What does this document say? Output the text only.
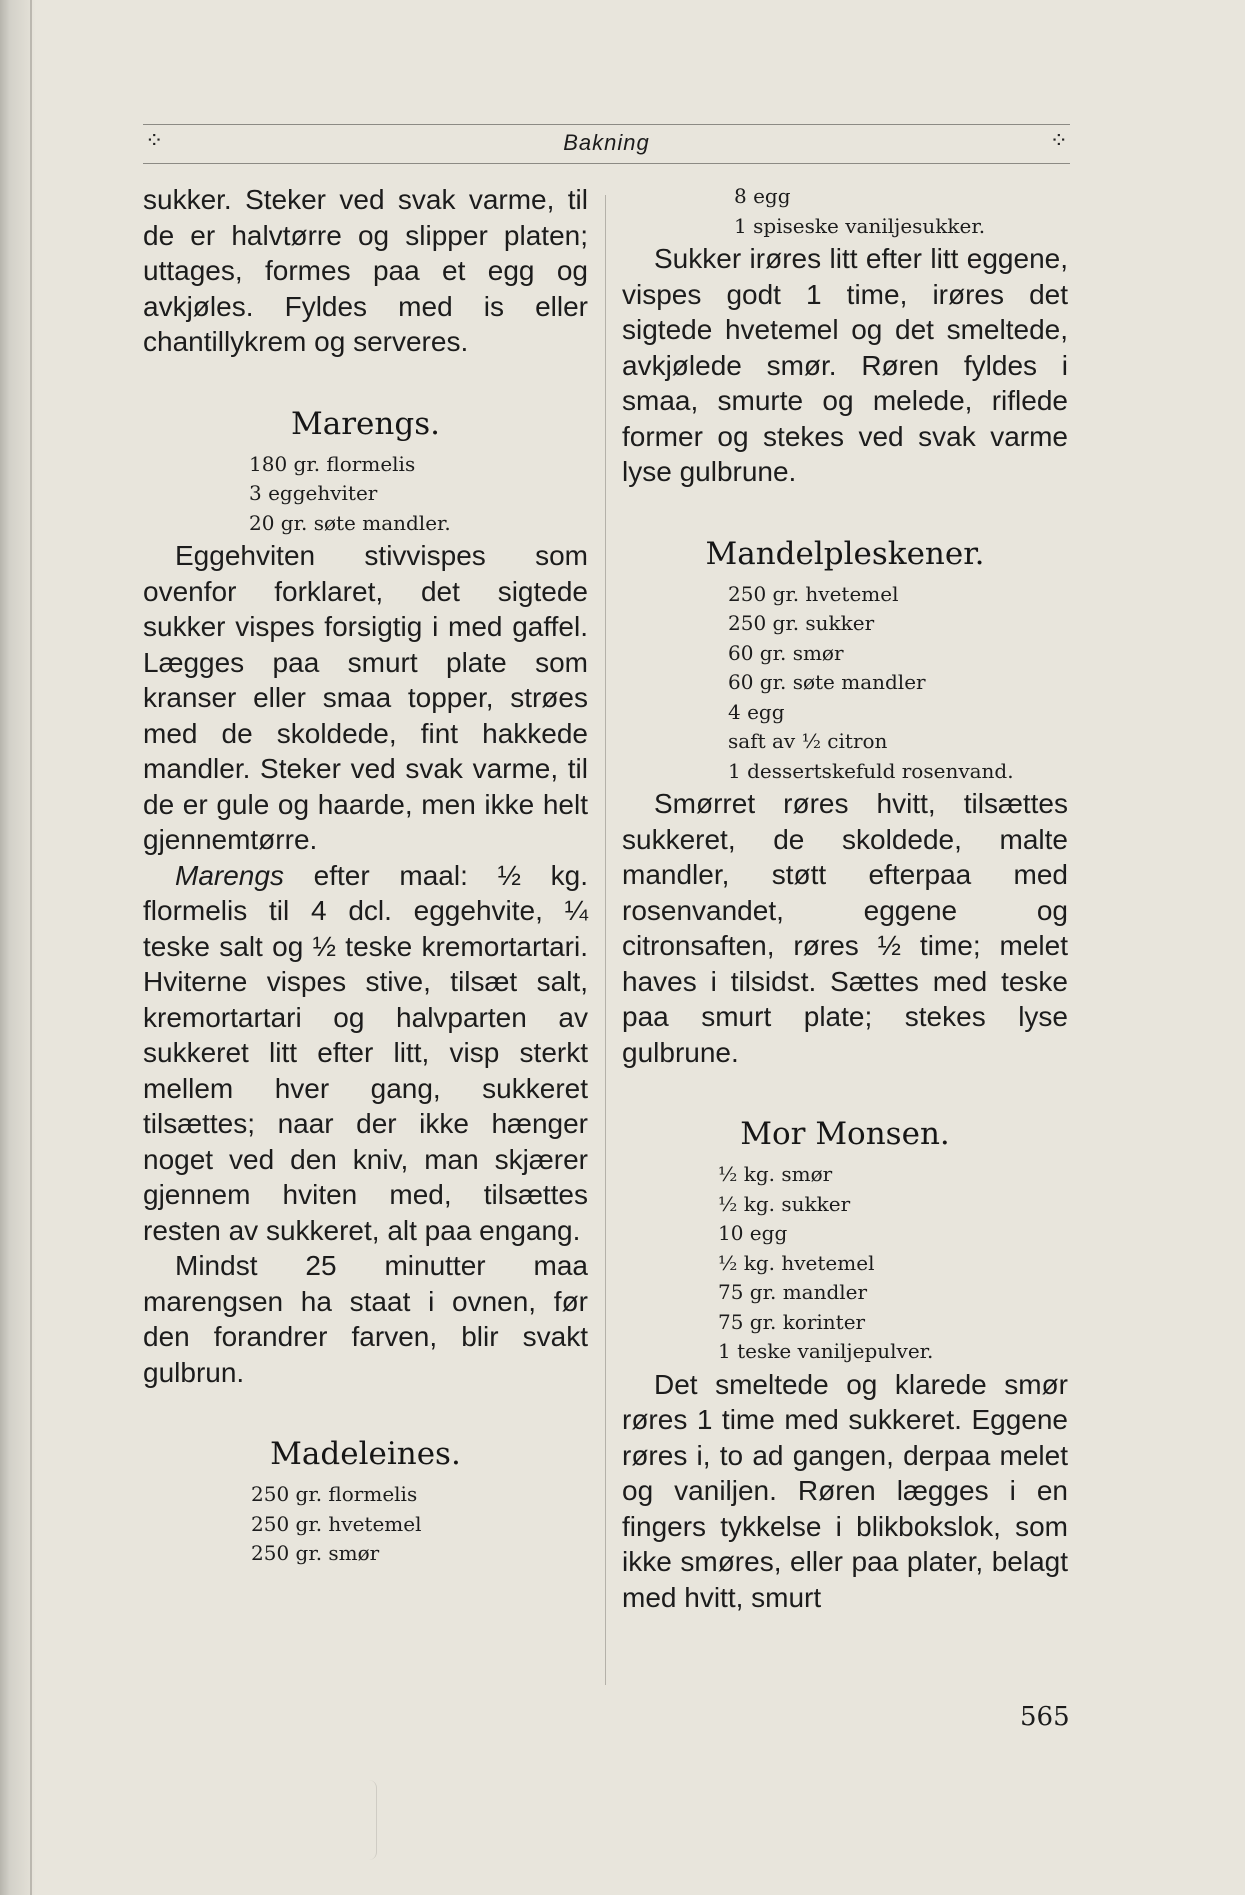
⁘	Bakning	⁘

sukker. Steker ved svak varme, til de er halvtørre og slipper platen; uttages, formes paa et egg og avkjøles. Fyldes med is eller chantillykrem og serveres.

Marengs.

180 gr. flormelis

3 eggehviter

20 gr. søte mandler.

Eggehviten stivvispes som ovenfor forklaret, det sigtede sukker vispes forsigtig i med gaffel. Lægges paa smurt plate som kranser eller smaa topper, strøes med de skoldede, fint hakkede mandler. Steker ved svak varme, til de er gule og haarde, men ikke helt gjennemtørre.

Marengs efter maal: ½ kg. flormelis til 4 dcl. eggehvite, ¼ teske salt og ½ teske kremortartari. Hviterne vispes stive, tilsæt salt, kremortartari og halvparten av sukkeret litt efter litt, visp sterkt mellem hver gang, sukkeret tilsættes; naar der ikke hænger noget ved den kniv, man skjærer gjennem hviten med, tilsættes resten av sukkeret, alt paa engang.

Mindst 25 minutter maa marengsen ha staat i ovnen, før den forandrer farven, blir svakt gulbrun.

Madeleines.

250 gr. flormelis

250 gr. hvetemel

250 gr. smør

8 egg

1 spiseske vaniljesukker.

Sukker irøres litt efter litt eggene, vispes godt 1 time, irøres det sigtede hvetemel og det smeltede, avkjølede smør. Røren fyldes i smaa, smurte og melede, riflede former og stekes ved svak varme lyse gulbrune.

Mandelpleskener.

250 gr. hvetemel

250 gr. sukker

60 gr. smør

60 gr. søte mandler

4 egg

saft av ½ citron

1 dessertskefuld rosenvand.

Smørret røres hvitt, tilsættes sukkeret, de skoldede, malte mandler, støtt efterpaa med rosenvandet, eggene og citronsaften, røres ½ time; melet haves i tilsidst. Sættes med teske paa smurt plate; stekes lyse gulbrune.

Mor Monsen.

½ kg. smør

½ kg. sukker

10 egg

½ kg. hvetemel

75 gr. mandler

75 gr. korinter

1 teske vaniljepulver.

Det smeltede og klarede smør røres 1 time med sukkeret. Eggene røres i, to ad gangen, derpaa melet og vaniljen. Røren lægges i en fingers tykkelse i blikbokslok, som ikke smøres, eller paa plater, belagt med hvitt, smurt

565
